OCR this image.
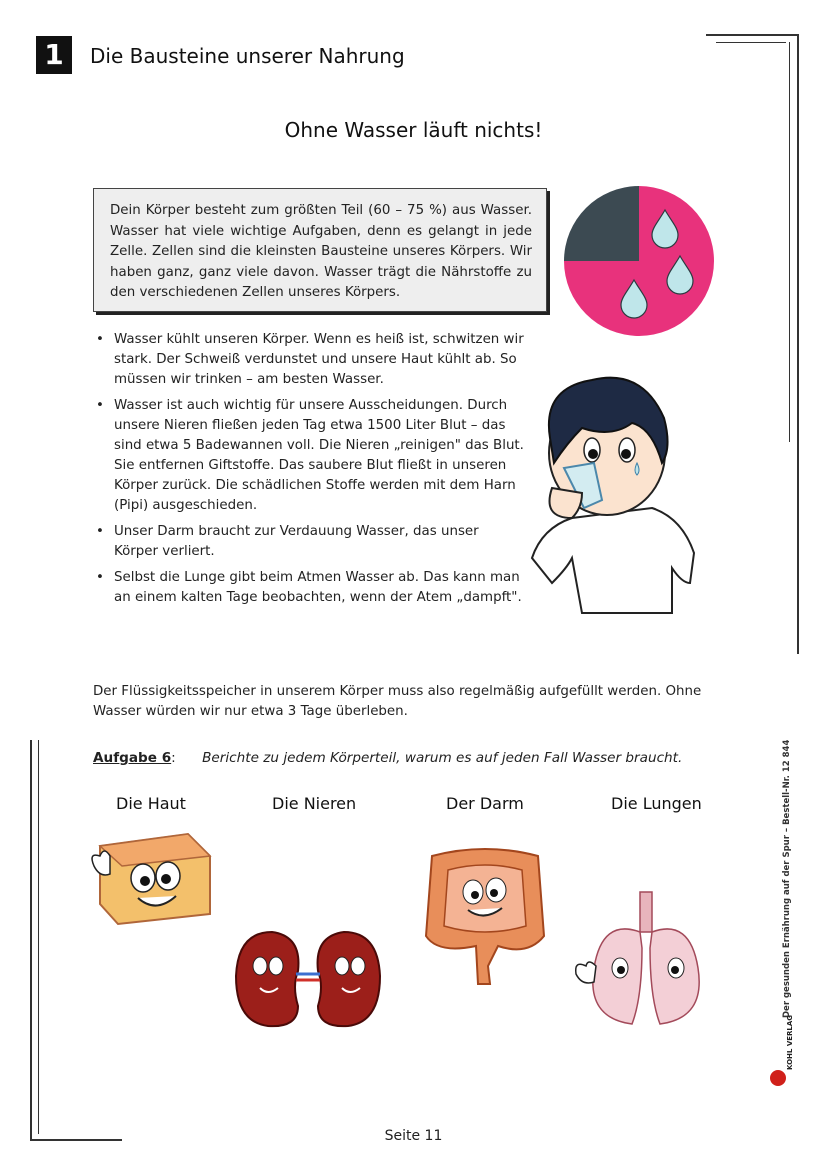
1	Die Bausteine unserer Nahrung
Ohne Wasser läuft nichts!
Dein Körper besteht zum größten Teil (60 – 75 %) aus Wasser. Wasser hat viele wichtige Aufgaben, denn es gelangt in jede Zelle. Zellen sind die kleinsten Bausteine unseres Körpers. Wir haben ganz, ganz viele davon. Wasser trägt die Nährstoffe zu den verschiedenen Zellen unseres Körpers.
• Wasser kühlt unseren Körper. Wenn es heiß ist, schwitzen wir stark. Der Schweiß verdunstet und unsere Haut kühlt ab. So müssen wir trinken – am besten Wasser.
• Wasser ist auch wichtig für unsere Ausscheidungen. Durch unsere Nieren fließen jeden Tag etwa 1500 Liter Blut – das sind etwa 5 Badewannen voll. Die Nieren „reinigen" das Blut. Sie entfernen Giftstoffe. Das saubere Blut fließt in unseren Körper zurück. Die schädlichen Stoffe werden mit dem Harn (Pipi) ausgeschieden.
• Unser Darm braucht zur Verdauung Wasser, das unser Körper verliert.
• Selbst die Lunge gibt beim Atmen Wasser ab. Das kann man an einem kalten Tage beobachten, wenn der Atem „dampft".
Der Flüssigkeitsspeicher in unserem Körper muss also regelmäßig aufgefüllt werden. Ohne Wasser würden wir nur etwa 3 Tage überleben.
Aufgabe 6: Berichte zu jedem Körperteil, warum es auf jeden Fall Wasser braucht.
Die Haut	Die Nieren	Der Darm	Die Lungen	Der gesunden Ernährung auf der Spur – Bestell-Nr. 12 844
KOHL VERLAG
Seite 11
